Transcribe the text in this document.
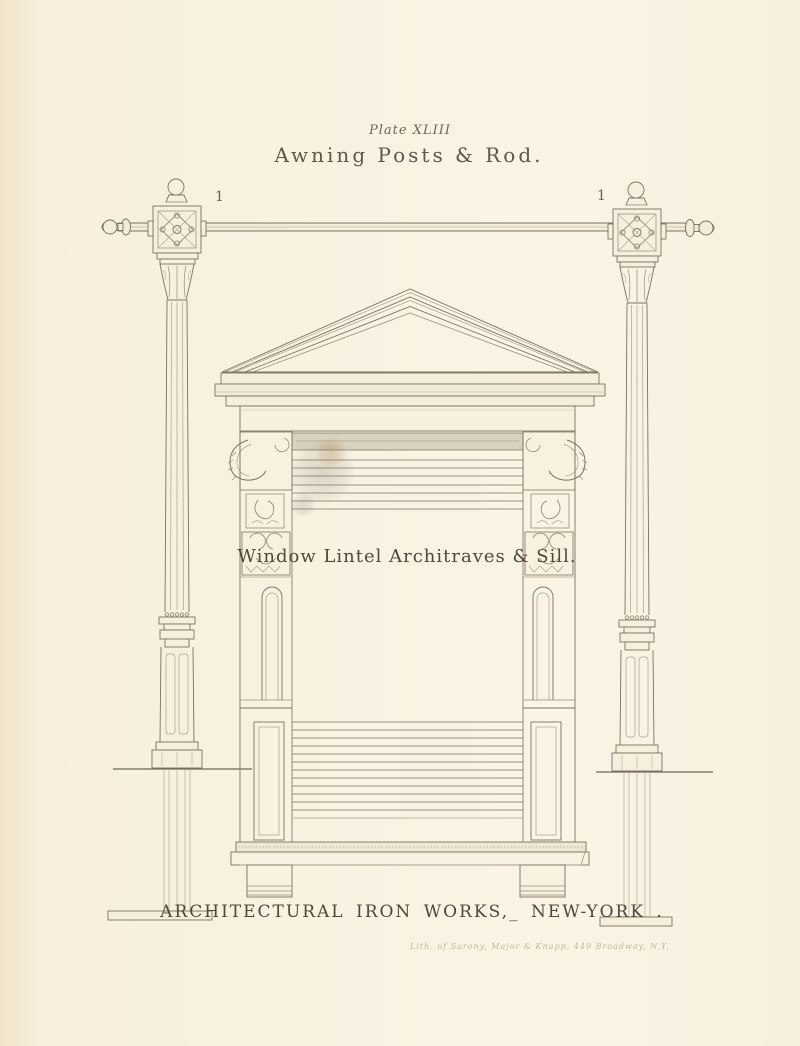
Plate XLIII
Awning Posts & Rod.
1	1
Window Lintel Architraves & Sill.
ARCHITECTURAL IRON WORKS,_ NEW-YORK .
Lith. of Sarony, Major & Knapp, 449 Broadway, N.Y.
